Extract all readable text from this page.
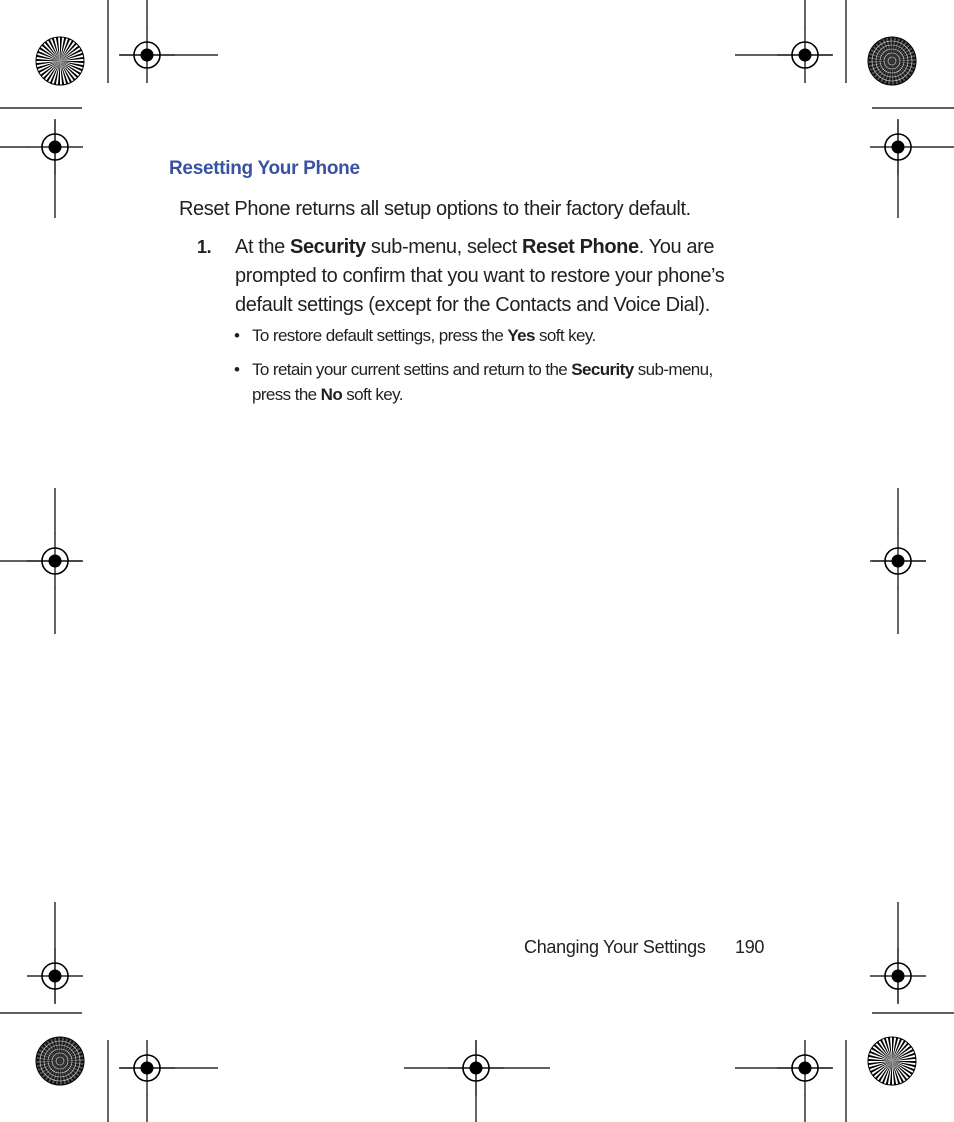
Resetting Your Phone
Reset Phone returns all setup options to their factory default.
1. At the Security sub-menu, select Reset Phone. You are prompted to confirm that you want to restore your phone’s default settings (except for the Contacts and Voice Dial).
• To restore default settings, press the Yes soft key.
• To retain your current settins and return to the Security sub-menu, press the No soft key.
Changing Your Settings 190
